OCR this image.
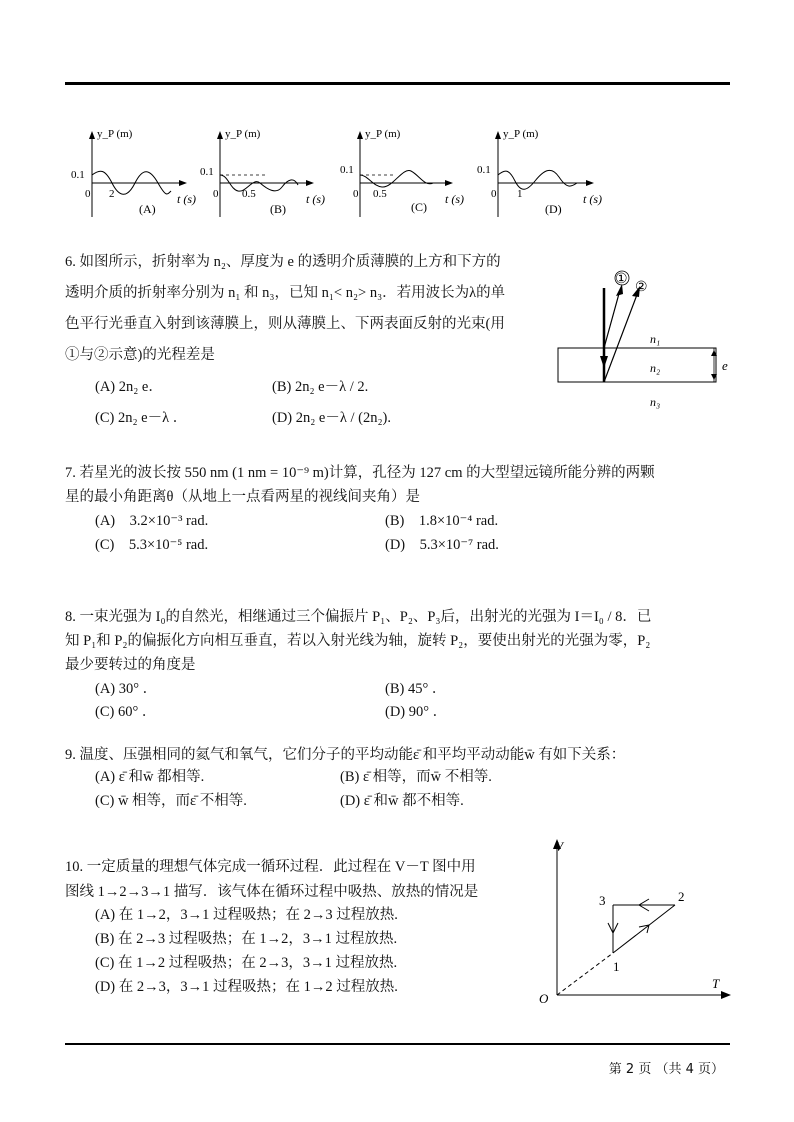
y_P (m)
0.1
0 2
(A)
t (s)
y_P (m)
0.1
0 0.5
(B)
t (s)
y_P (m)
0.1
0 0.5
(C)
t (s)
y_P (m)
0.1
0 1
(D)
t (s)
6. 如图所示，折射率为 n₂、厚度为 e 的透明介质薄膜的上方和下方的
透明介质的折射率分别为 n₁ 和 n₃，已知 n₁< n₂> n₃．若用波长为λ的单
色平行光垂直入射到该薄膜上，则从薄膜上、下两表面反射的光束(用
①与②示意)的光程差是
(A) 2n₂ e．	(B) 2n₂ e－λ / 2.
(C) 2n₂ e－λ ．	(D) 2n₂ e－λ / (2n₂).
①
②
n₁
n₂
n₃
e
7. 若星光的波长按 550 nm (1 nm = 10⁻⁹ m)计算，孔径为 127 cm 的大型望远镜所能分辨的两颗
星的最小角距离θ（从地上一点看两星的视线间夹角）是
(A)　3.2×10⁻³ rad.	(B)　1.8×10⁻⁴ rad.
(C)　5.3×10⁻⁵ rad.	(D)　5.3×10⁻⁷ rad.
8. 一束光强为 I₀的自然光，相继通过三个偏振片 P₁、P₂、P₃后，出射光的光强为 I＝I₀ / 8．已
知 P₁和 P₂的偏振化方向相互垂直，若以入射光线为轴，旋转 P₂，要使出射光的光强为零，P₂
最少要转过的角度是
(A) 30° ．	(B) 45° ．
(C) 60° ．	(D) 90° ．
9. 温度、压强相同的氦气和氧气，它们分子的平均动能ε̄ 和平均平动动能w̄ 有如下关系：
(A) ε̄ 和w̄ 都相等.	(B) ε̄ 相等，而w̄ 不相等.
(C) w̄ 相等，而ε̄ 不相等.	(D) ε̄ 和w̄ 都不相等.
10. 一定质量的理想气体完成一循环过程．此过程在 V－T 图中用
图线 1→2→3→1 描写．该气体在循环过程中吸热、放热的情况是
(A) 在 1→2，3→1 过程吸热；在 2→3 过程放热.
(B) 在 2→3 过程吸热；在 1→2，3→1 过程放热.
(C) 在 1→2 过程吸热；在 2→3，3→1 过程放热.
(D) 在 2→3，3→1 过程吸热；在 1→2 过程放热.
V
T
O
1
2
3
第 2 页 （共 4 页）
